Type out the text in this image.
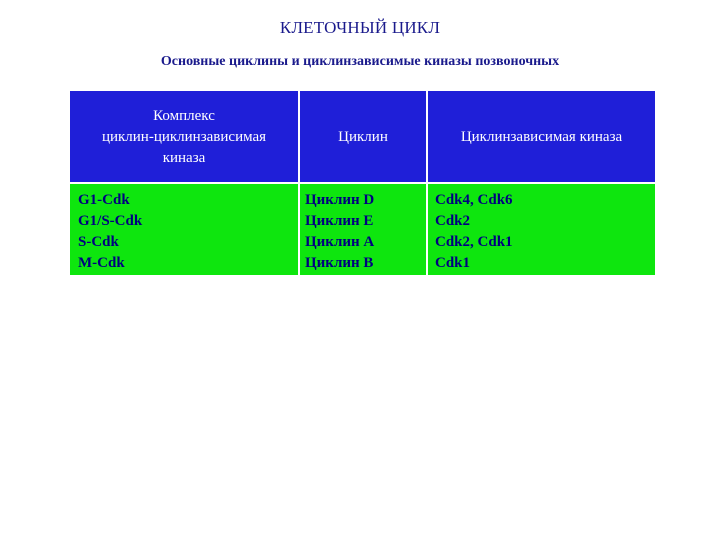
КЛЕТОЧНЫЙ ЦИКЛ
Основные циклины и циклинзависимые киназы позвоночных
Комплекс
циклин-циклинзависимая
киназа
Циклин	Циклинзависимая киназа
G1-Cdk
G1/S-Cdk
S-Cdk
M-Cdk
Циклин D
Циклин E
Циклин A
Циклин B
Cdk4, Cdk6
Cdk2
Cdk2, Cdk1
Cdk1
